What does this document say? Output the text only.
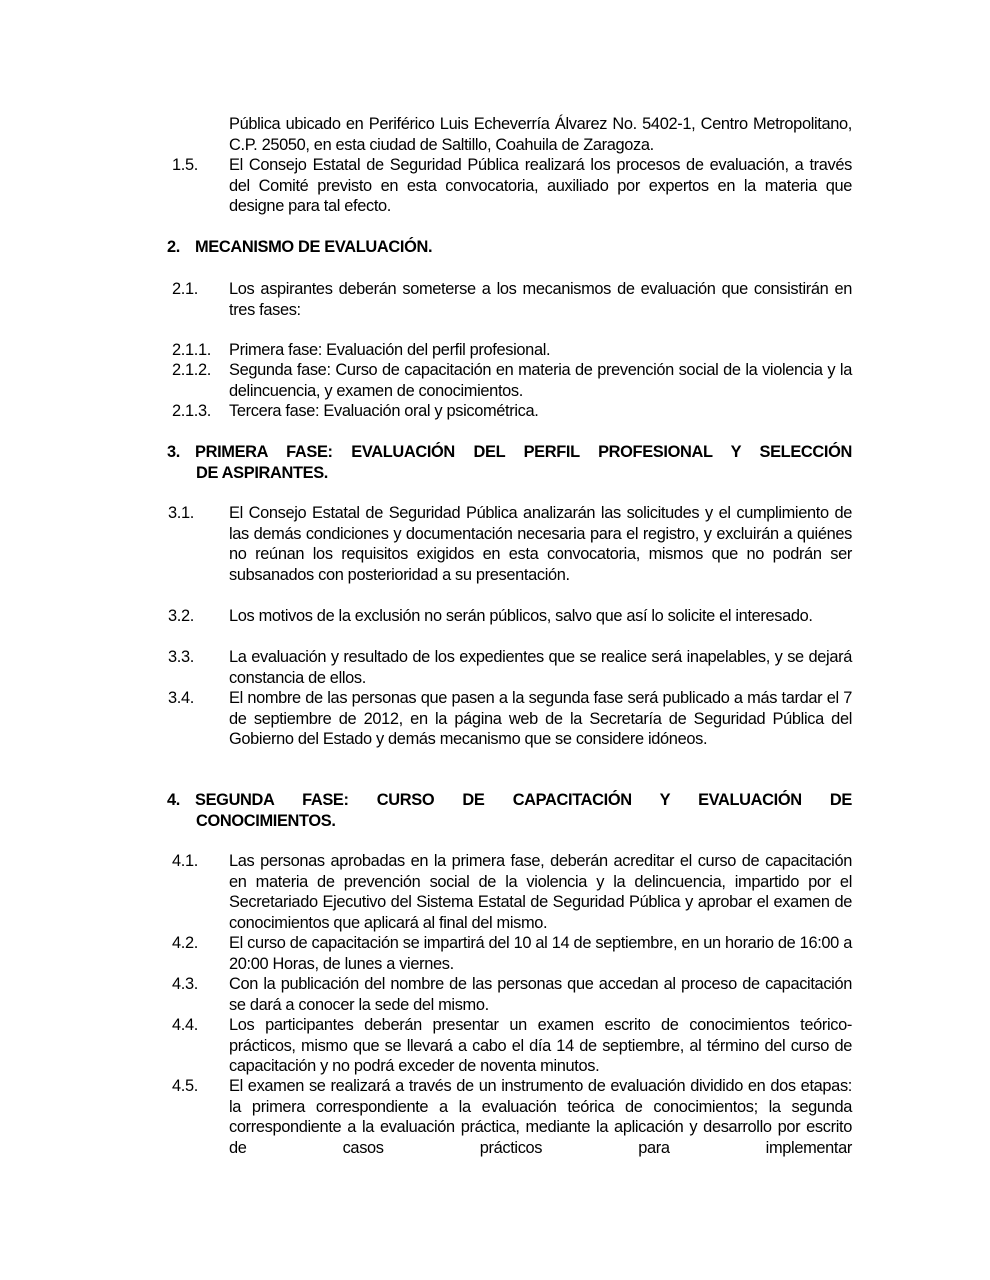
Pública ubicado en Periférico Luis Echeverría Álvarez No. 5402-1, Centro Metropolitano, C.P. 25050, en esta ciudad de Saltillo, Coahuila de Zaragoza.
1.5. El Consejo Estatal de Seguridad Pública realizará los procesos de evaluación, a través del Comité previsto en esta convocatoria, auxiliado por expertos en la materia que designe para tal efecto.
2. MECANISMO DE EVALUACIÓN.
2.1. Los aspirantes deberán someterse a los mecanismos de evaluación que consistirán en tres fases:
2.1.1. Primera fase: Evaluación del perfil profesional.
2.1.2. Segunda fase: Curso de capacitación en materia de prevención social de la violencia y la delincuencia, y examen de conocimientos.
2.1.3. Tercera fase: Evaluación oral y psicométrica.
3. PRIMERA FASE: EVALUACIÓN DEL PERFIL PROFESIONAL Y SELECCIÓN
DE ASPIRANTES.
3.1. El Consejo Estatal de Seguridad Pública analizarán las solicitudes y el cumplimiento de las demás condiciones y documentación necesaria para el registro, y excluirán a quiénes no reúnan los requisitos exigidos en esta convocatoria, mismos que no podrán ser subsanados con posterioridad a su presentación.
3.2. Los motivos de la exclusión no serán públicos, salvo que así lo solicite el interesado.
3.3. La evaluación y resultado de los expedientes que se realice será inapelables, y se dejará constancia de ellos.
3.4. El nombre de las personas que pasen a la segunda fase será publicado a más tardar el 7 de septiembre de 2012, en la página web de la Secretaría de Seguridad Pública del Gobierno del Estado y demás mecanismo que se considere idóneos.
4. SEGUNDA FASE: CURSO DE CAPACITACIÓN Y EVALUACIÓN DE
CONOCIMIENTOS.
4.1. Las personas aprobadas en la primera fase, deberán acreditar el curso de capacitación en materia de prevención social de la violencia y la delincuencia, impartido por el Secretariado Ejecutivo del Sistema Estatal de Seguridad Pública y aprobar el examen de conocimientos que aplicará al final del mismo.
4.2. El curso de capacitación se impartirá del 10 al 14 de septiembre, en un horario de 16:00 a 20:00 Horas, de lunes a viernes.
4.3. Con la publicación del nombre de las personas que accedan al proceso de capacitación se dará a conocer la sede del mismo.
4.4. Los participantes deberán presentar un examen escrito de conocimientos teórico-prácticos, mismo que se llevará a cabo el día 14 de septiembre, al término del curso de capacitación y no podrá exceder de noventa minutos.
4.5. El examen se realizará a través de un instrumento de evaluación dividido en dos etapas: la primera correspondiente a la evaluación teórica de conocimientos; la segunda correspondiente a la evaluación práctica, mediante la aplicación y desarrollo por escrito de casos prácticos para implementar
